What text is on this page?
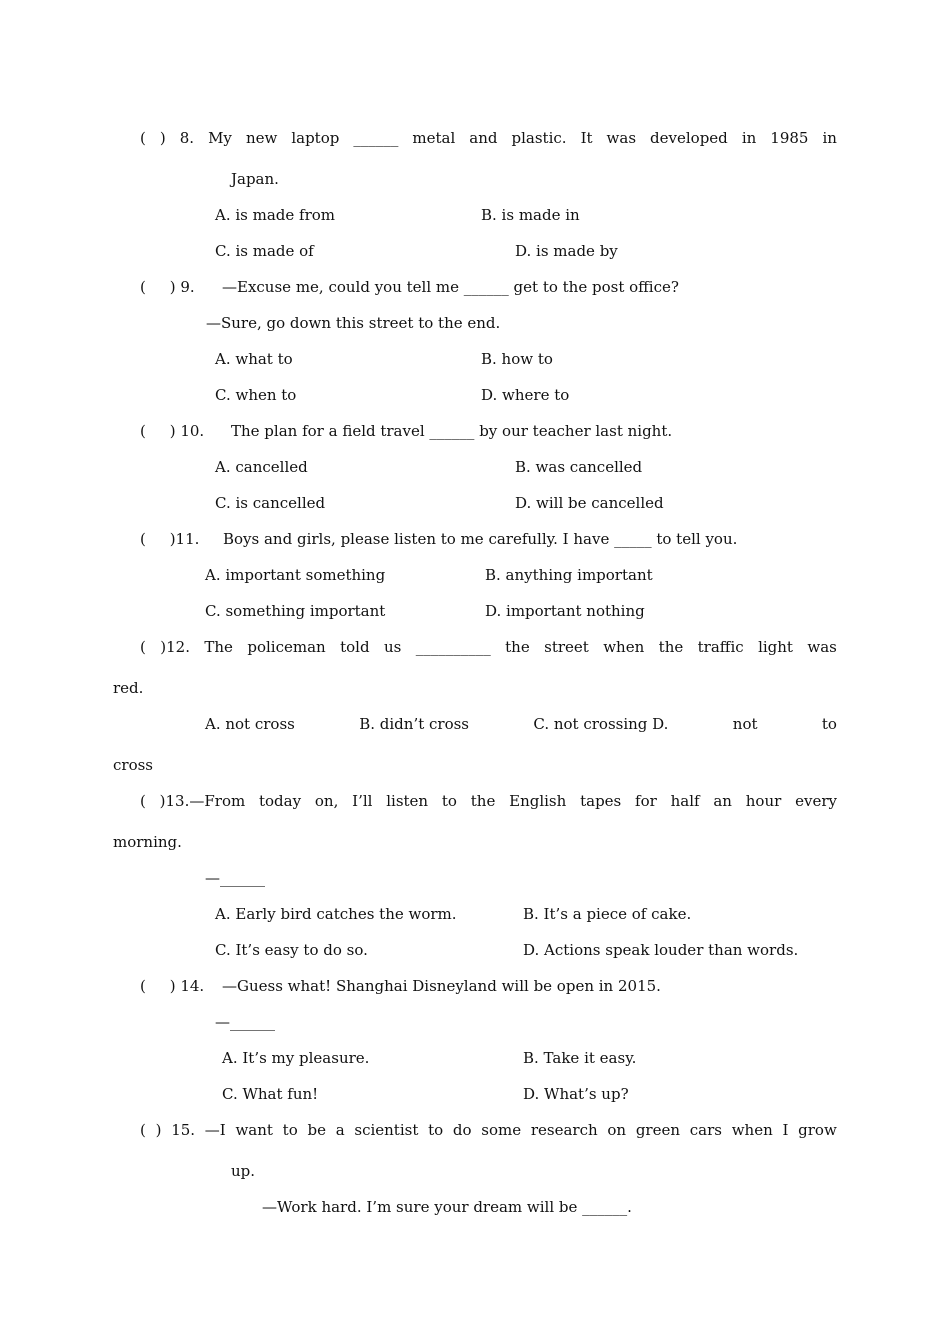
( ) 8. My new laptop ______ metal and plastic. It was developed in 1985 in
Japan.
A. is made from	B. is made in
C. is made of	D. is made by
(     ) 9. —Excuse me, could you tell me ______ get to the post office?
—Sure, go down this street to the end.
A. what to	B. how to
C. when to	D. where to
(     ) 10. The plan for a field travel ______ by our teacher last night.
A. cancelled	B. was cancelled
C. is cancelled	D. will be cancelled
(     )11. Boys and girls, please listen to me carefully. I have _____ to tell you.
A. important something	B. anything important
C. something important	D. important nothing
( )12. The policeman told us __________ the street when the traffic light was
red.
A. not cross	B. didn’t cross	C. not crossing D.	not	to
cross
( )13.—From today on, I’ll listen to the English tapes for half an hour every
morning.
—______
A. Early bird catches the worm.	B. It’s a piece of cake.
C. It’s easy to do so.	D. Actions speak louder than words.
(     ) 14. —Guess what! Shanghai Disneyland will be open in 2015.
—______
A. It’s my pleasure.	B. Take it easy.
C. What fun!	D. What’s up?
( ) 15. —I want to be a scientist to do some research on green cars when I grow
up.
—Work hard. I’m sure your dream will be ______.
